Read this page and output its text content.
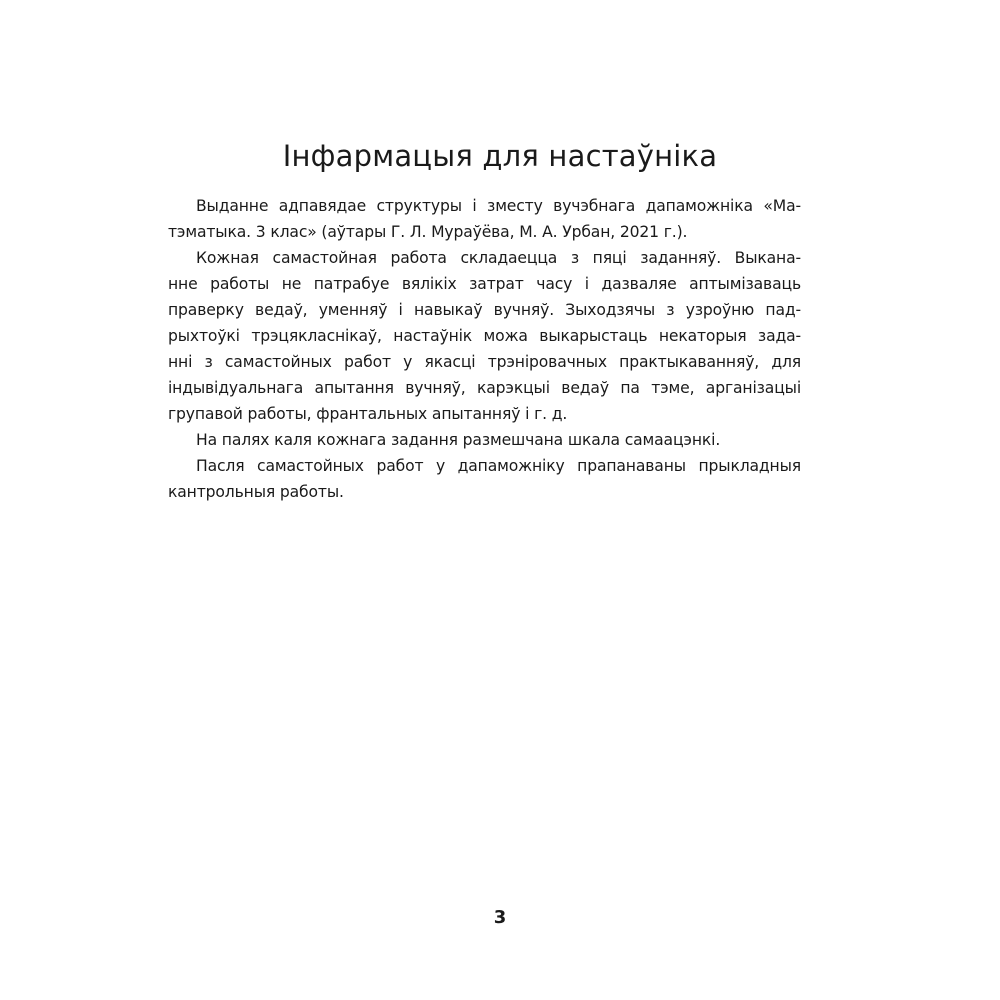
Інфармацыя для настаўніка
Выданне адпавядае структуры і зместу вучэбнага дапаможніка «Ма-
тэматыка. 3 клас» (аўтары Г. Л. Мураўёва, М. А. Урбан, 2021 г.).
Кожная самастойная работа складаецца з пяці заданняў. Выкана-
нне работы не патрабуе вялікіх затрат часу і дазваляе аптымізаваць
праверку ведаў, уменняў і навыкаў вучняў. Зыходзячы з узроўню пад-
рыхтоўкі трэцякласнікаў, настаўнік можа выкарыстаць некаторыя зада-
нні з самастойных работ у якасці трэніровачных практыкаванняў, для
індывідуальнага апытання вучняў, карэкцыі ведаў па тэме, арганізацыі
групавой работы, франтальных апытанняў і г. д.
На палях каля кожнага задання размешчана шкала самаацэнкі.
Пасля самастойных работ у дапаможніку прапанаваны прыкладныя
кантрольныя работы.
3
